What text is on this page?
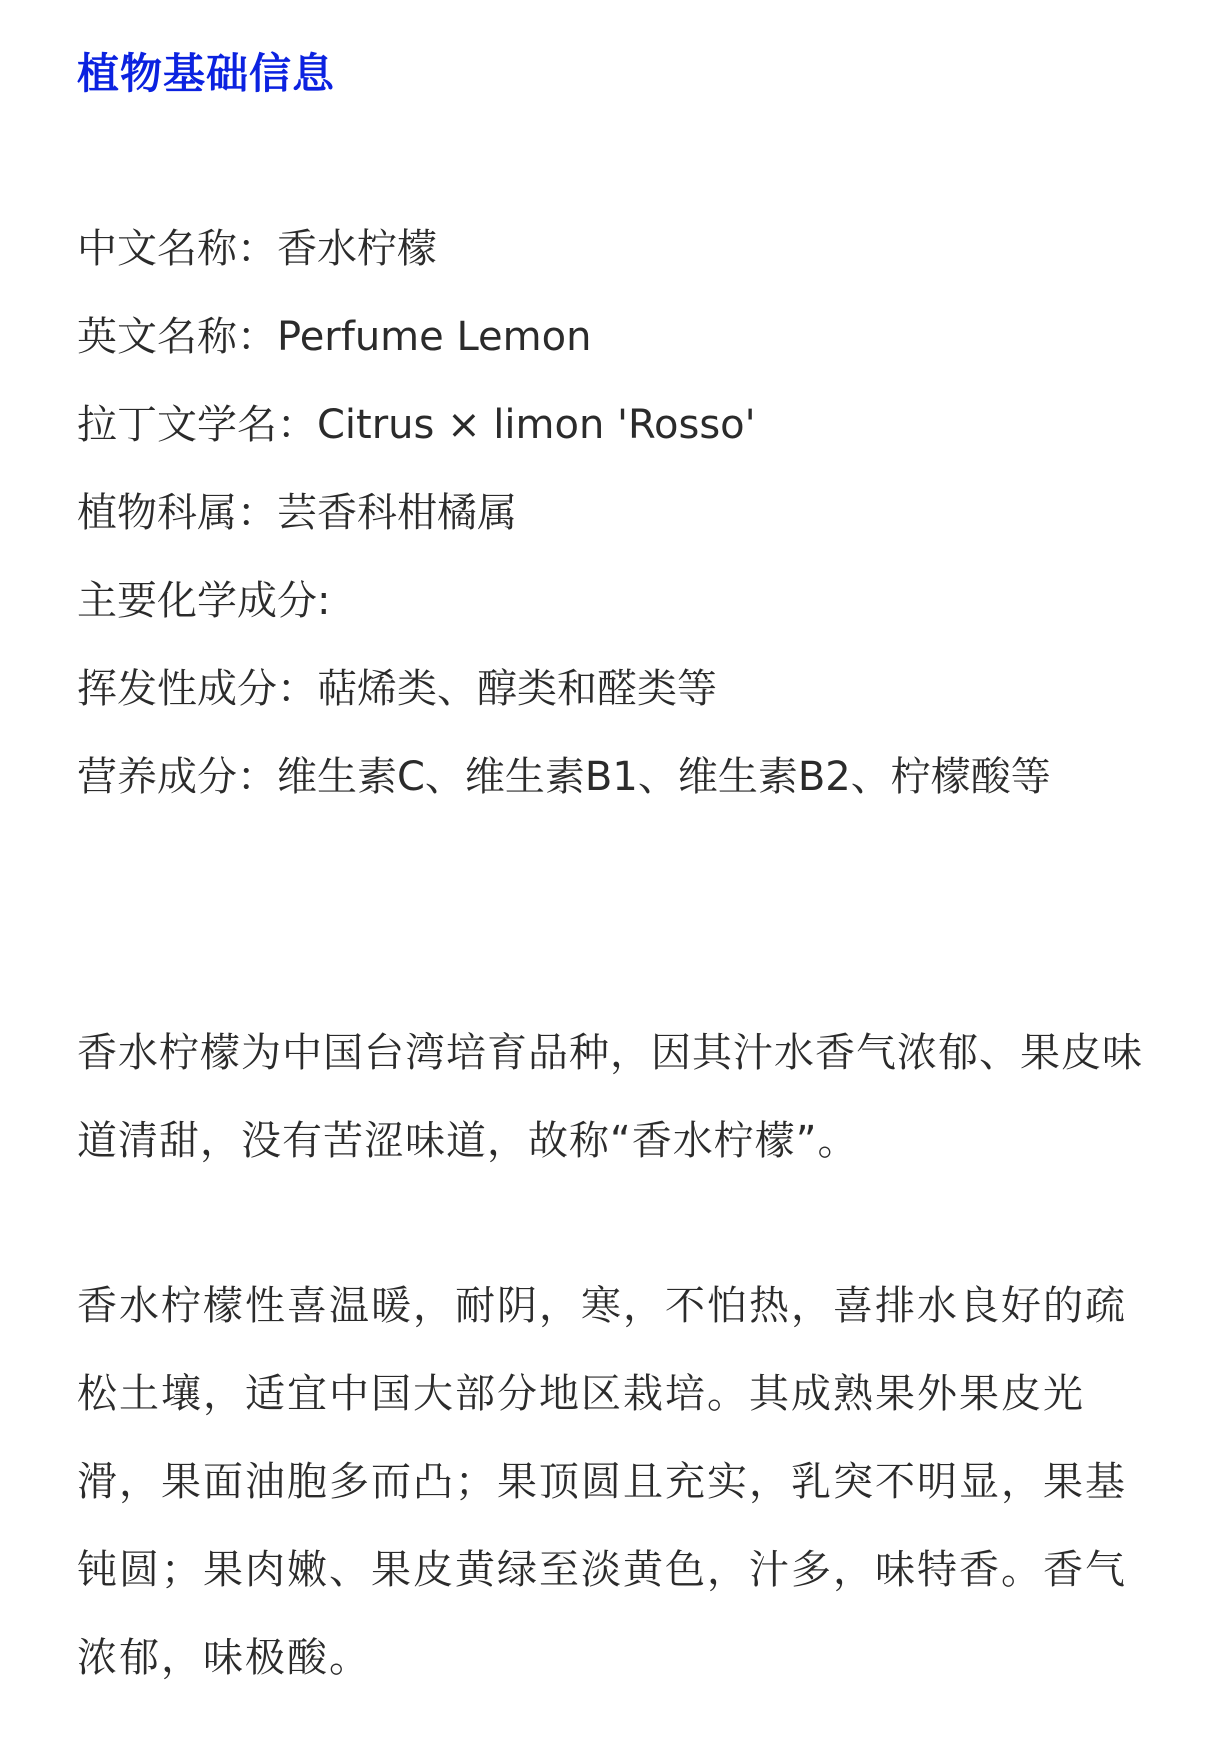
植物基础信息
中文名称：香水柠檬
英文名称：Perfume Lemon
拉丁文学名：Citrus × limon 'Rosso'
植物科属：芸香科柑橘属
主要化学成分:
挥发性成分：萜烯类、醇类和醛类等
营养成分：维生素C、维生素B1、维生素B2、柠檬酸等

香水柠檬为中国台湾培育品种，因其汁水香气浓郁、果皮味道清甜，没有苦涩味道，故称“香水柠檬”。

香水柠檬性喜温暖，耐阴，寒，不怕热，喜排水良好的疏松土壤，适宜中国大部分地区栽培。其成熟果外果皮光滑，果面油胞多而凸；果顶圆且充实，乳突不明显，果基钝圆；果肉嫩、果皮黄绿至淡黄色，汁多，味特香。香气浓郁，味极酸。
